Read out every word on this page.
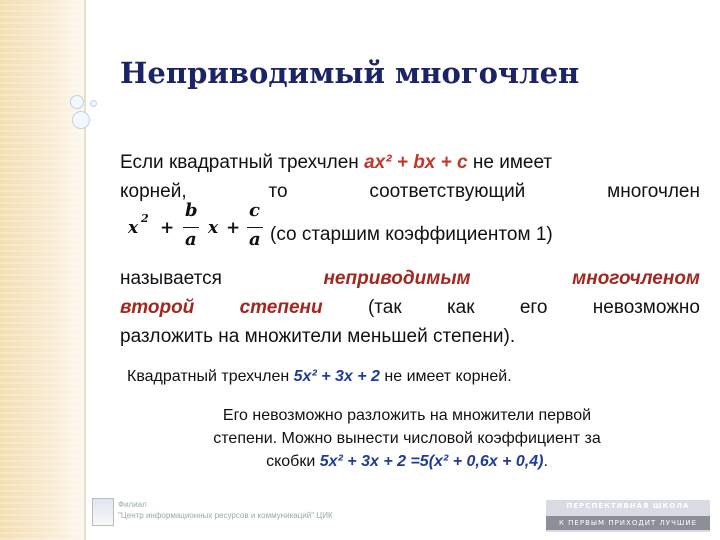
Неприводимый многочлен
Если квадратный трехчлен ax² + bx + c не имеет
корней,	то	соответствующий	многочлен
называется	неприводимым	многочленом
второй степени (так как его невозможно
разложить на множители меньшей степени).
x 2 +
b
a
x +
c
a (со старшим коэффициентом 1)
Квадратный трехчлен 5x² + 3x + 2 не имеет корней.
Его невозможно разложить на множители первой
степени. Можно вынести числовой коэффициент за
скобки 5x² + 3x + 2 =5(x² + 0,6x + 0,4).
Филиал
"Центр информационных ресурсов и коммуникаций" ЦИК
ПЕРСПЕКТИВНАЯ ШКОЛА
К ПЕРВЫМ ПРИХОДИТ ЛУЧШИЕ
